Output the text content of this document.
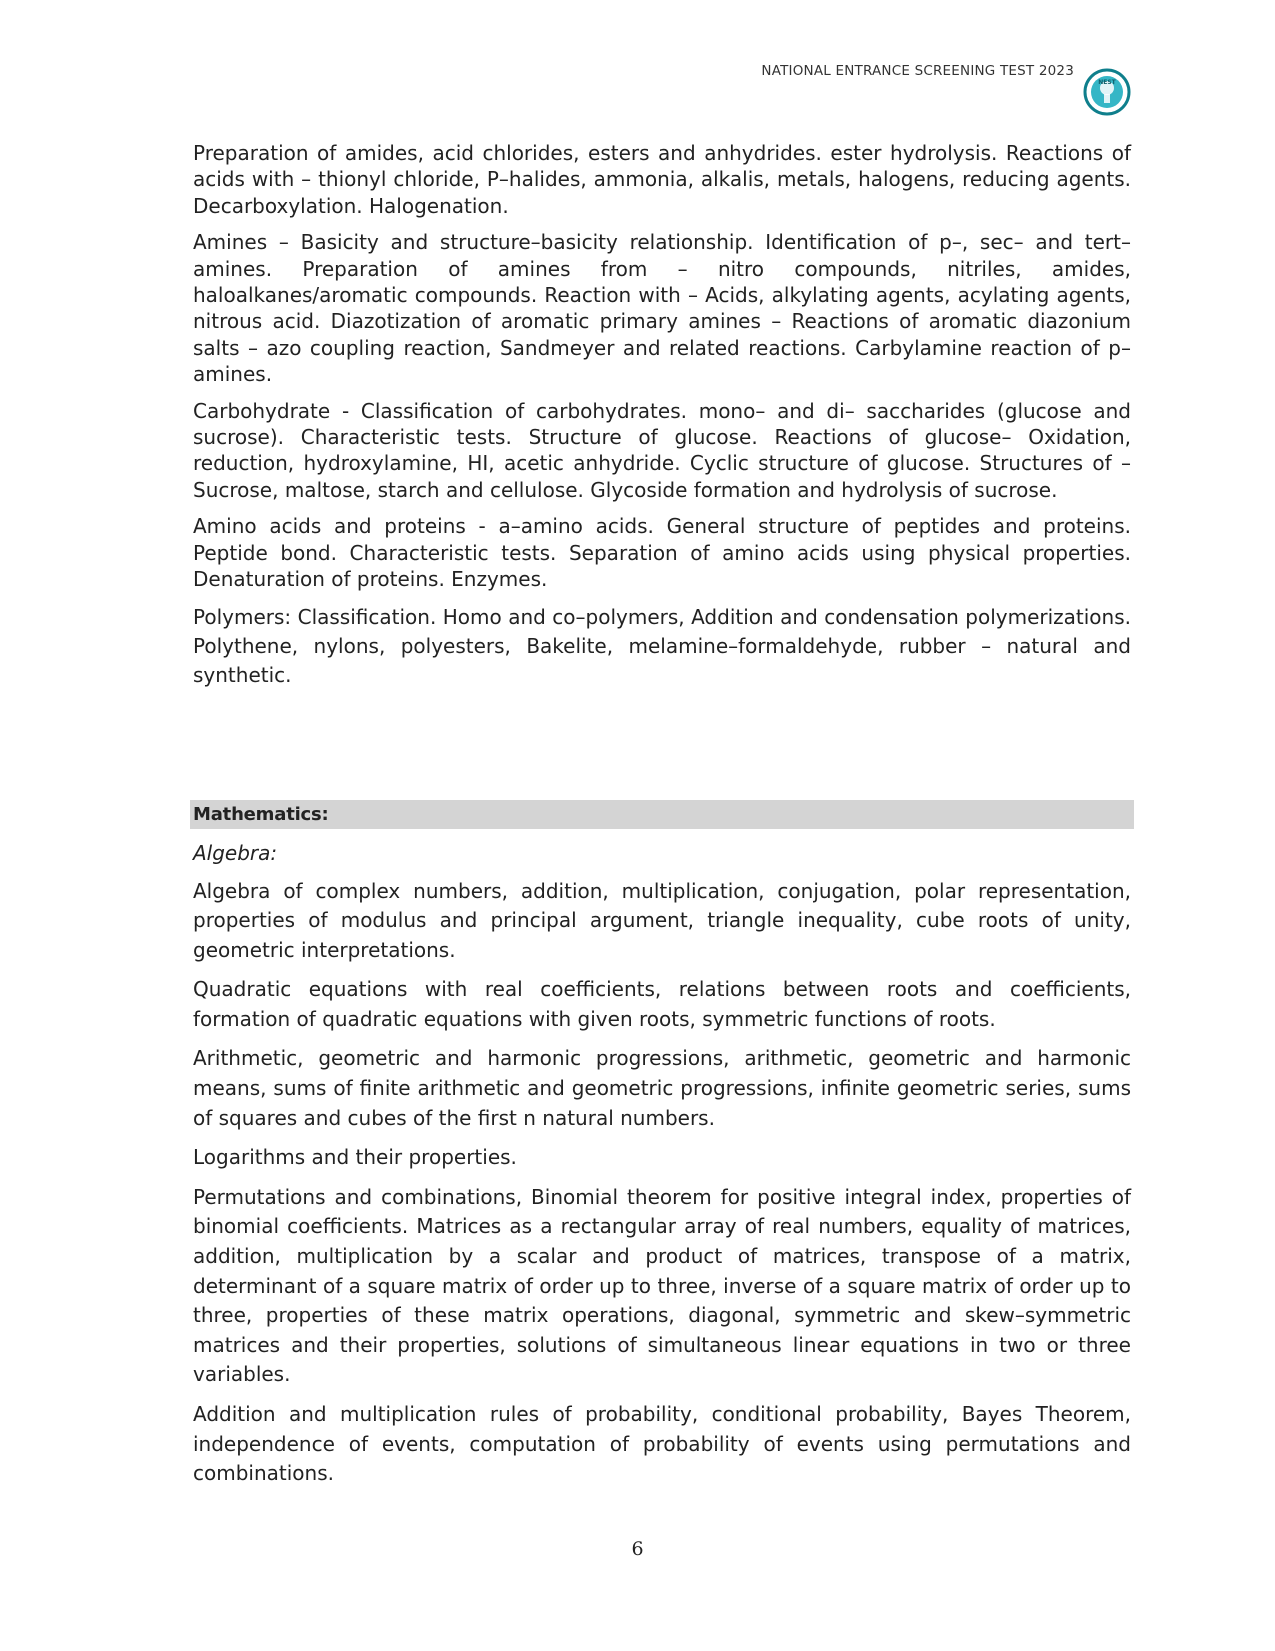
NATIONAL ENTRANCE SCREENING TEST 2023
NEST

Preparation of amides, acid chlorides, esters and anhydrides. ester hydrolysis. Reactions of acids with – thionyl chloride, P–halides, ammonia, alkalis, metals, halogens, reducing agents. Decarboxylation. Halogenation.

Amines – Basicity and structure–basicity relationship. Identification of p–, sec– and tert– amines. Preparation of amines from – nitro compounds, nitriles, amides, haloalkanes/aromatic compounds. Reaction with – Acids, alkylating agents, acylating agents, nitrous acid. Diazotization of aromatic primary amines – Reactions of aromatic diazonium salts – azo coupling reaction, Sandmeyer and related reactions. Carbylamine reaction of p–amines.

Carbohydrate - Classification of carbohydrates. mono– and di– saccharides (glucose and sucrose). Characteristic tests. Structure of glucose. Reactions of glucose– Oxidation, reduction, hydroxylamine, HI, acetic anhydride. Cyclic structure of glucose. Structures of – Sucrose, maltose, starch and cellulose. Glycoside formation and hydrolysis of sucrose.

Amino acids and proteins - a–amino acids. General structure of peptides and proteins. Peptide bond. Characteristic tests. Separation of amino acids using physical properties. Denaturation of proteins. Enzymes.

Polymers: Classification. Homo and co–polymers, Addition and condensation polymerizations. Polythene, nylons, polyesters, Bakelite, melamine–formaldehyde, rubber – natural and synthetic.

Mathematics:
Algebra:

Algebra of complex numbers, addition, multiplication, conjugation, polar representation, properties of modulus and principal argument, triangle inequality, cube roots of unity, geometric interpretations.

Quadratic equations with real coefficients, relations between roots and coefficients, formation of quadratic equations with given roots, symmetric functions of roots.

Arithmetic, geometric and harmonic progressions, arithmetic, geometric and harmonic means, sums of finite arithmetic and geometric progressions, infinite geometric series, sums of squares and cubes of the first n natural numbers.

Logarithms and their properties.

Permutations and combinations, Binomial theorem for positive integral index, properties of binomial coefficients. Matrices as a rectangular array of real numbers, equality of matrices, addition, multiplication by a scalar and product of matrices, transpose of a matrix, determinant of a square matrix of order up to three, inverse of a square matrix of order up to three, properties of these matrix operations, diagonal, symmetric and skew–symmetric matrices and their properties, solutions of simultaneous linear equations in two or three variables.

Addition and multiplication rules of probability, conditional probability, Bayes Theorem, independence of events, computation of probability of events using permutations and combinations.

6
